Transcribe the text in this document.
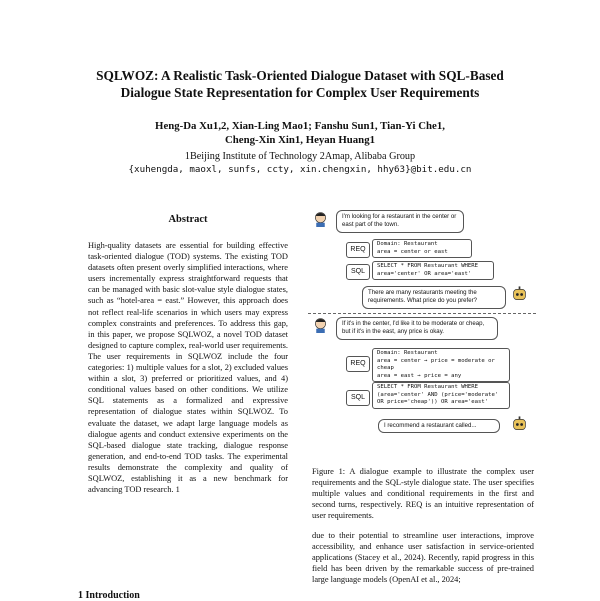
SQLWOZ: A Realistic Task-Oriented Dialogue Dataset with SQL-Based
Dialogue State Representation for Complex User Requirements
Heng-Da Xu1,2, Xian-Ling Mao1; Fanshu Sun1, Tian-Yi Che1,
Cheng-Xin Xin1, Heyan Huang1
1Beijing Institute of Technology 2Amap, Alibaba Group
{xuhengda, maoxl, sunfs, ccty, xin.chengxin, hhy63}@bit.edu.cn
Abstract
High-quality datasets are essential for building effective task-oriented dialogue (TOD) systems. The existing TOD datasets often present overly simplified interactions, where users incrementally express straightforward requests that can be managed with basic slot-value style dialogue states, such as “hotel-area = east.” However, this approach does not reflect real-life scenarios in which users may express complex constraints and preferences. To address this gap, in this paper, we propose SQLWOZ, a novel TOD dataset designed to capture complex, real-world user requirements. The user requirements in SQLWOZ include the four categories: 1) multiple values for a slot, 2) excluded values within a slot, 3) preferred or prioritized values, and 4) conditional values based on other conditions. We utilize SQL statements as a formalized and expressive representation of dialogue states within SQLWOZ. To evaluate the dataset, we adapt large language models as dialogue agents and conduct extensive experiments on the SQL-based dialogue state tracking, dialogue response generation, and end-to-end TOD tasks. The experimental results demonstrate the complexity and quality of SQLWOZ, establishing it as a new benchmark for advancing TOD research. 1
1 Introduction
I'm looking for a restaurant in the center or east part of the town.
REQ
Domain: Restaurant
area = center or east
SQL
SELECT * FROM Restaurant WHERE
area='center' OR area='east'
There are many restaurants meeting the requirements. What price do you prefer?
If it's in the center, I'd like it to be moderate or cheap, but if it's in the east, any price is okay.
REQ
Domain: Restaurant
area = center → price = moderate or cheap
area = east → price = any
SQL
SELECT * FROM Restaurant WHERE
(area='center' AND (price='moderate'
OR price='cheap')) OR area='east'
I recommend a restaurant called...
Figure 1: A dialogue example to illustrate the complex user requirements and the SQL-style dialogue state. The user specifies multiple values and conditional requirements in the first and second turns, respectively. REQ is an intuitive representation of user requirements.
due to their potential to streamline user interactions, improve accessibility, and enhance user satisfaction in service-oriented applications (Stacey et al., 2024). Recently, rapid progress in this field has been driven by the remarkable success of pre-trained large language models (OpenAI et al., 2024;
